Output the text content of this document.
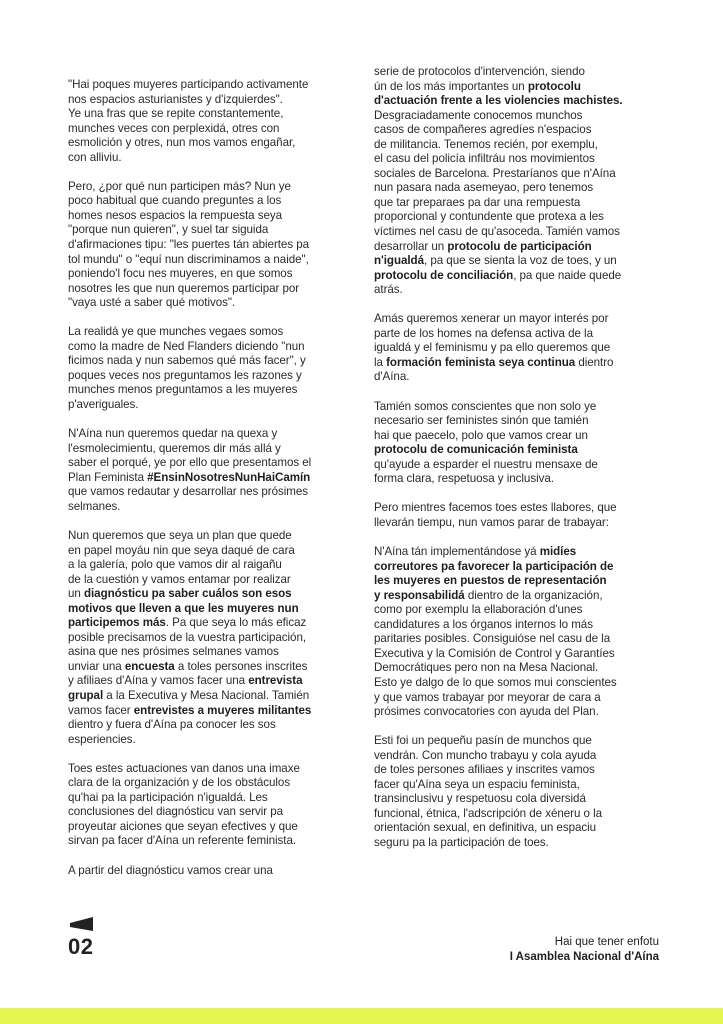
"Hai poques muyeres participando activamente
nos espacios asturianistes y d'izquierdes".
Ye una fras que se repite constantemente,
munches veces con perplexidá, otres con
esmolición y otres, nun mos vamos engañar,
con alliviu.

Pero, ¿por qué nun participen más? Nun ye
poco habitual que cuando preguntes a los
homes nesos espacios la rempuesta seya
"porque nun quieren", y suel tar siguida
d'afirmaciones tipu: "les puertes tán abiertes pa
tol mundu" o "equí nun discriminamos a naide",
poniendo'l focu nes muyeres, en que somos
nosotres les que nun queremos participar por
"vaya usté a saber qué motivos".

La realidá ye que munches vegaes somos
como la madre de Ned Flanders diciendo "nun
ficimos nada y nun sabemos qué más facer", y
poques veces nos preguntamos les razones y
munches menos preguntamos a les muyeres
p'averiguales.

N'Aína nun queremos quedar na quexa y
l'esmolecimientu, queremos dir más allá y
saber el porqué, ye por ello que presentamos el
Plan Feminista #EnsinNosotresNunHaiCamín
que vamos redautar y desarrollar nes prósimes
selmanes.

Nun queremos que seya un plan que quede
en papel moyáu nin que seya daqué de cara
a la galería, polo que vamos dir al raigañu
de la cuestión y vamos entamar por realizar
un diagnósticu pa saber cuálos son esos
motivos que lleven a que les muyeres nun
participemos más. Pa que seya lo más eficaz
posible precisamos de la vuestra participación,
asina que nes prósimes selmanes vamos
unviar una encuesta a toles persones inscrites
y afiliaes d'Aína y vamos facer una entrevista
grupal a la Executiva y Mesa Nacional. Tamién
vamos facer entrevistes a muyeres militantes
dientro y fuera d'Aína pa conocer les sos
esperiencies.

Toes estes actuaciones van danos una imaxe
clara de la organización y de los obstáculos
qu'hai pa la participación n'igualdá. Les
conclusiones del diagnósticu van servir pa
proyeutar aiciones que seyan efectives y que
sirvan pa facer d'Aína un referente feminista.

A partir del diagnósticu vamos crear una

serie de protocolos d'intervención, siendo
ún de los más importantes un protocolu
d'actuación frente a les violencies machistes.
Desgraciadamente conocemos munchos
casos de compañeres agredíes n'espacios
de militancia. Tenemos recién, por exemplu,
el casu del policía infiltráu nos movimientos
sociales de Barcelona. Prestaríanos que n'Aína
nun pasara nada asemeyao, pero tenemos
que tar preparaes pa dar una rempuesta
proporcional y contundente que protexa a les
víctimes nel casu de qu'asoceda. Tamién vamos
desarrollar un protocolu de participación
n'igualdá, pa que se sienta la voz de toes, y un
protocolu de conciliación, pa que naide quede
atrás.

Amás queremos xenerar un mayor interés por
parte de los homes na defensa activa de la
igualdá y el feminismu y pa ello queremos que
la formación feminista seya continua dientro
d'Aína.

Tamién somos conscientes que non solo ye
necesario ser feministes sinón que tamién
hai que paecelo, polo que vamos crear un
protocolu de comunicación feminista
qu'ayude a esparder el nuestru mensaxe de
forma clara, respetuosa y inclusiva.

Pero mientres facemos toes estes llabores, que
llevarán tiempu, nun vamos parar de trabayar:

N'Aína tán implementándose yá midíes
correutores pa favorecer la participación de
les muyeres en puestos de representación
y responsabilidá dientro de la organización,
como por exemplu la ellaboración d'unes
candidatures a los órganos internos lo más
paritaries posibles. Consiguióse nel casu de la
Executiva y la Comisión de Control y Garantíes
Democrátiques pero non na Mesa Nacional.
Esto ye dalgo de lo que somos mui conscientes
y que vamos trabayar por meyorar de cara a
prósimes convocatories con ayuda del Plan.

Esti foi un pequeñu pasín de munchos que
vendrán. Con muncho trabayu y cola ayuda
de toles persones afiliaes y inscrites vamos
facer qu'Aína seya un espaciu feminista,
transinclusivu y respetuosu cola diversidá
funcional, étnica, l'adscripción de xéneru o la
orientación sexual, en definitiva, un espaciu
seguru pa la participación de toes.

02	Hai que tener enfotu
I Asamblea Nacional d'Aína
